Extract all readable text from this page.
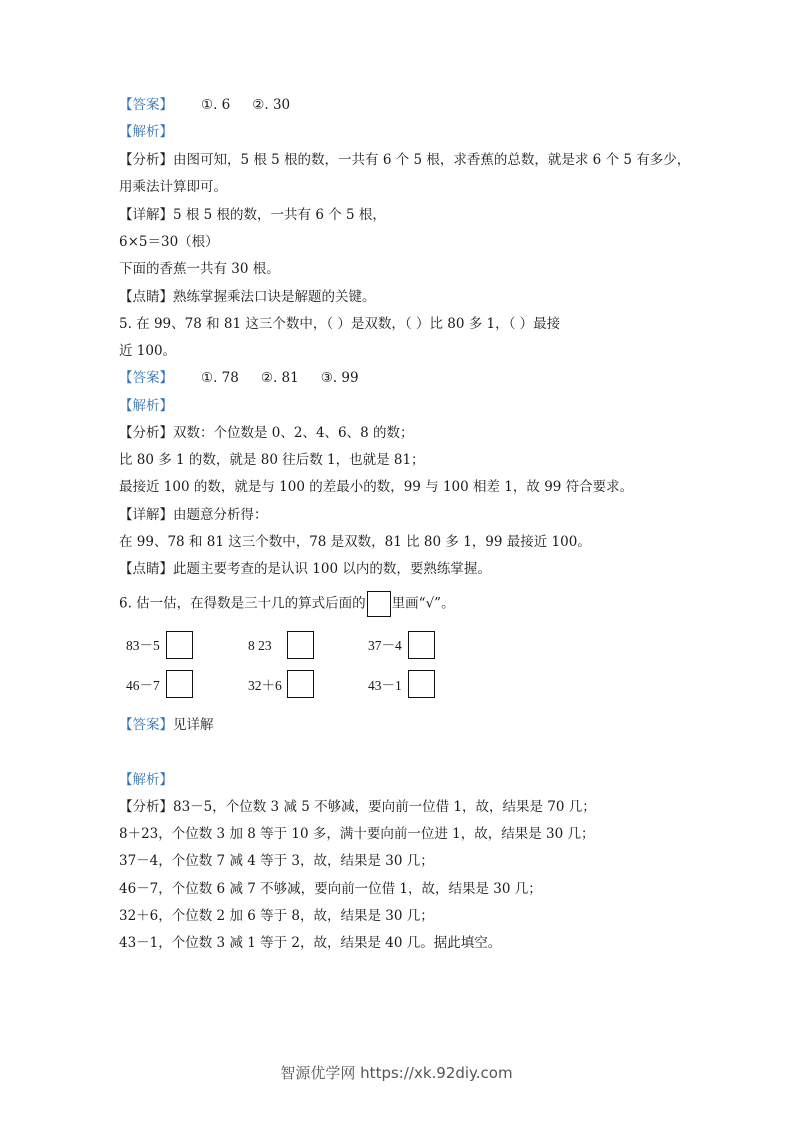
【答案】 ①. 6 ②. 30
【解析】
【分析】由图可知，5 根 5 根的数，一共有 6 个 5 根，求香蕉的总数，就是求 6 个 5 有多少，
用乘法计算即可。
【详解】5 根 5 根的数，一共有 6 个 5 根，
6×5＝30（根）
下面的香蕉一共有 30 根。
【点睛】熟练掌握乘法口诀是解题的关键。
5. 在 99、78 和 81 这三个数中，（ ）是双数，（ ）比 80 多 1，（ ）最接
近 100。
【答案】 ①. 78 ②. 81 ③. 99
【解析】
【分析】双数：个位数是 0、2、4、6、8 的数；
比 80 多 1 的数，就是 80 往后数 1，也就是 81；
最接近 100 的数，就是与 100 的差最小的数，99 与 100 相差 1，故 99 符合要求。
【详解】由题意分析得：
在 99、78 和 81 这三个数中，78 是双数，81 比 80 多 1，99 最接近 100。
【点睛】此题主要考查的是认识 100 以内的数，要熟练掌握。
6. 估一估，在得数是三十几的算式后面的 里画“√”。
83－5	8 23	37－4
46－7	32＋6	43－1
【答案】见详解
【解析】
【分析】83－5，个位数 3 减 5 不够减，要向前一位借 1，故，结果是 70 几；
8＋23，个位数 3 加 8 等于 10 多，满十要向前一位进 1，故，结果是 30 几；
37－4，个位数 7 减 4 等于 3，故，结果是 30 几；
46－7，个位数 6 减 7 不够减，要向前一位借 1，故，结果是 30 几；
32＋6，个位数 2 加 6 等于 8，故，结果是 30 几；
43－1，个位数 3 减 1 等于 2，故，结果是 40 几。据此填空。
智源优学网 https://xk.92diy.com
